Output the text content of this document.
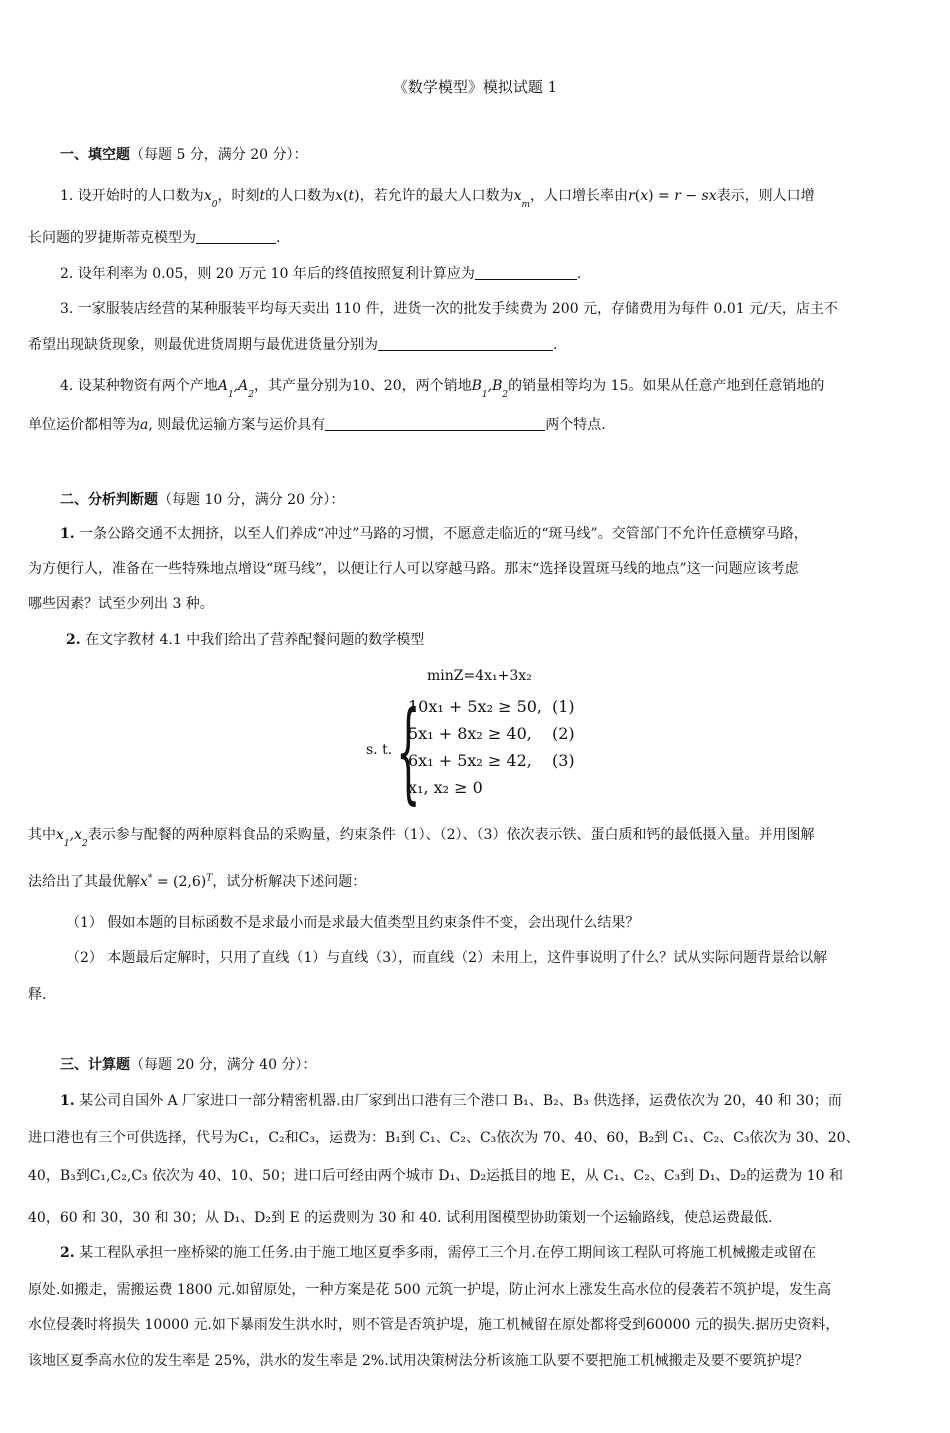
《数学模型》模拟试题 1
一、填空题（每题 5 分，满分 20 分）：
1. 设开始时的人口数为$x_0$，时刻t的人口数为x(t)，若允许的最大人口数为$x_m$，人口增长率由r(x) = r − sx表示，则人口增
长问题的罗捷斯蒂克模型为	.
2. 设年利率为 0.05，则 20 万元 10 年后的终值按照复利计算应为	.
3. 一家服装店经营的某种服装平均每天卖出 110 件，进货一次的批发手续费为 200 元，存储费用为每件 0.01 元/天，店主不
希望出现缺货现象，则最优进货周期与最优进货量分别为	.
4. 设某种物资有两个产地$A_1,A_2$，其产量分别为10、20，两个销地$B_1,B_2$的销量相等均为 15。如果从任意产地到任意销地的
单位运价都相等为a, 则最优运输方案与运价具有	两个特点.
二、分析判断题（每题 10 分，满分 20 分）：
1. 一条公路交通不太拥挤，以至人们养成“冲过”马路的习惯，不愿意走临近的“斑马线”。交管部门不允许任意横穿马路，
为方便行人，准备在一些特殊地点增设“斑马线”，以便让行人可以穿越马路。那末“选择设置斑马线的地点”这一问题应该考虑
哪些因素？试至少列出 3 种。
2. 在文字教材 4.1 中我们给出了营养配餐问题的数学模型
minZ=4x₁+3x₂
s. t. {
10x₁ + 5x₂ ≥ 50,
5x₁ + 8x₂ ≥ 40,
6x₁ + 5x₂ ≥ 42,
x₁, x₂ ≥ 0
(1)
(2)
(3)
其中$x_1,x_2$表示参与配餐的两种原料食品的采购量，约束条件（1）、（2）、（3）依次表示铁、蛋白质和钙的最低摄入量。并用图解
法给出了其最优解$x^* = (2,6)^T$，试分析解决下述问题：
（1） 假如本题的目标函数不是求最小而是求最大值类型且约束条件不变，会出现什么结果？
（2） 本题最后定解时，只用了直线（1）与直线（3），而直线（2）未用上，这件事说明了什么？试从实际问题背景给以解
释.
三、计算题（每题 20 分，满分 40 分）：
1. 某公司自国外 A 厂家进口一部分精密机器.由厂家到出口港有三个港口 B₁、B₂、B₃ 供选择，运费依次为 20，40 和 30；而
进口港也有三个可供选择，代号为C₁，C₂和C₃，运费为：B₁到 C₁、C₂、C₃依次为 70、40、60，B₂到 C₁、C₂、C₃依次为 30、20、
40，B₃到C₁,C₂,C₃ 依次为 40、10、50；进口后可经由两个城市 D₁、D₂运抵目的地 E，从 C₁、C₂、C₃到 D₁、D₂的运费为 10 和
40，60 和 30，30 和 30；从 D₁、D₂到 E 的运费则为 30 和 40. 试利用图模型协助策划一个运输路线，使总运费最低.
2. 某工程队承担一座桥梁的施工任务.由于施工地区夏季多雨，需停工三个月.在停工期间该工程队可将施工机械搬走或留在
原处.如搬走，需搬运费 1800 元.如留原处，一种方案是花 500 元筑一护堤，防止河水上涨发生高水位的侵袭若不筑护堤，发生高
水位侵袭时将损失 10000 元.如下暴雨发生洪水时，则不管是否筑护堤，施工机械留在原处都将受到60000 元的损失.据历史资料，
该地区夏季高水位的发生率是 25%，洪水的发生率是 2%.试用决策树法分析该施工队要不要把施工机械搬走及要不要筑护堤？
